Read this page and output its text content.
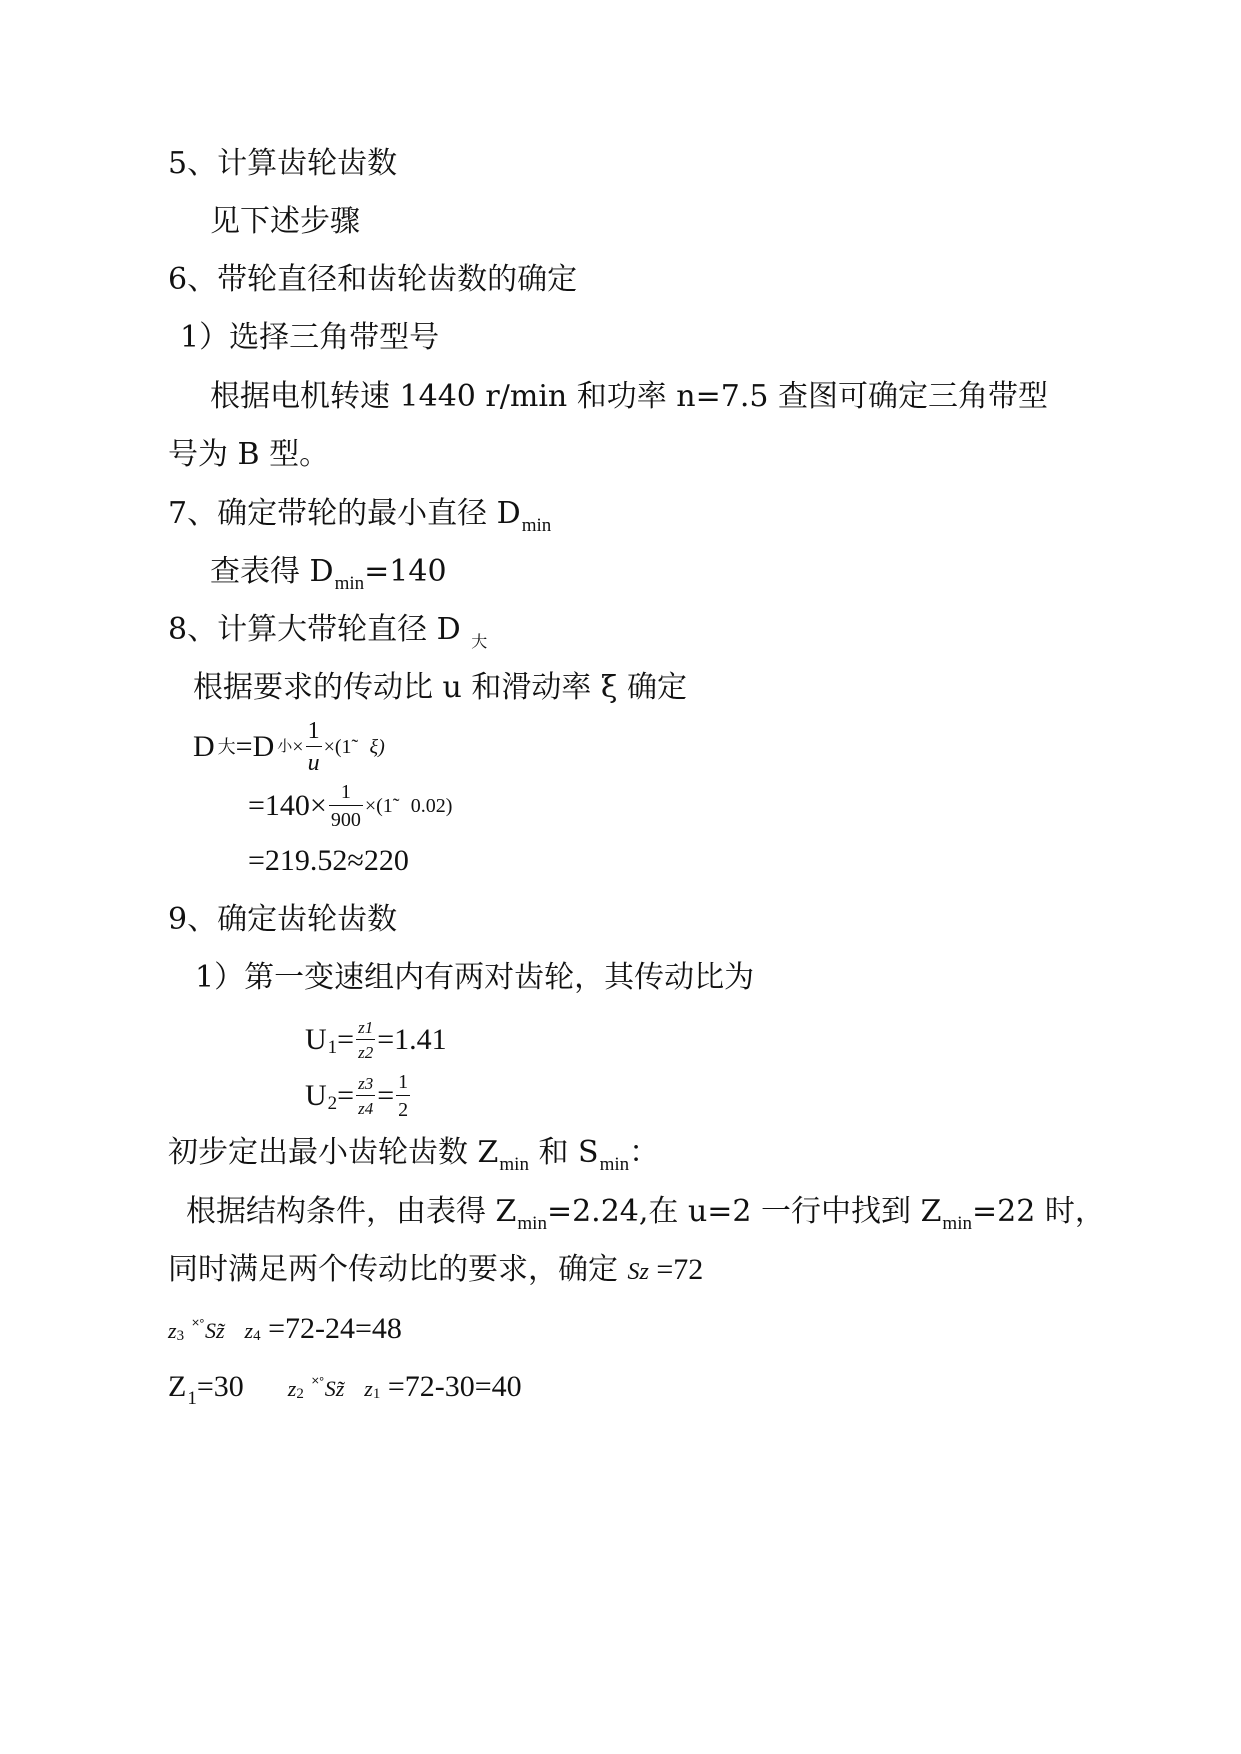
5、计算齿轮齿数
见下述步骤
6、带轮直径和齿轮齿数的确定
1）选择三角带型号
根据电机转速 1440 r/min 和功率 n=7.5 查图可确定三角带型
号为 B 型。
7、确定带轮的最小直径 $D_{min}$
查表得 $D_{min}=140$
8、计算大带轮直径 D $_大$
根据要求的传动比 u 和滑动率 ξ 确定
D大=D 小× $\frac{1}{u}$ ×(1̃ ξ)
$=140\times \frac{1}{900}$ ×(1̃ 0.02)
=219.52≈220
9、确定齿轮齿数
1）第一变速组内有两对齿轮，其传动比为
$U_1= \frac{z1}{z2} =1.41$
$U_2= \frac{z3}{z4} = \frac{1}{2}$
初步定出最小齿轮齿数 $Z_{min}$ 和 $S_{min}$：
根据结构条件，由表得 $Z_{min}=2.24$,在 u=2 一行中找到 $Z_{min}=22$ 时，
同时满足两个传动比的要求，确定 Sz =72
z3 ˟˚Sz̃ z4 =72-24=48
$Z_1=30$ z2 ˟˚Sz̃ z1 =72-30=40
